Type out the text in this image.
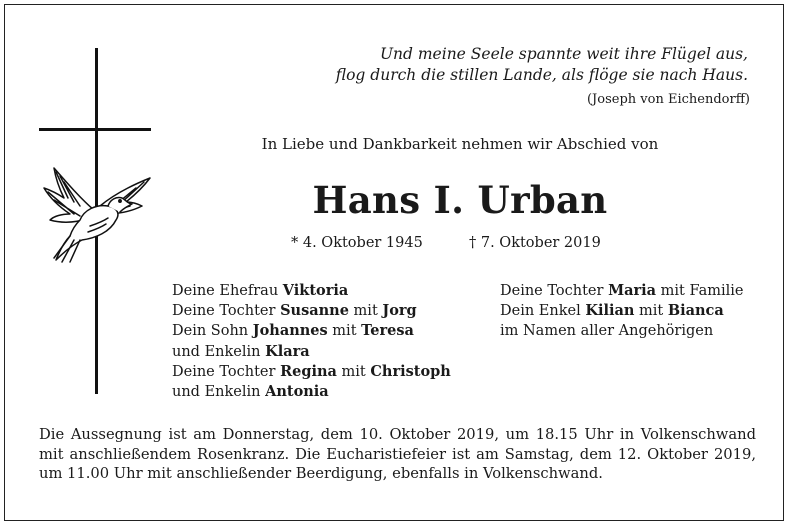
Und meine Seele spannte weit ihre Flügel aus,
flog durch die stillen Lande, als flöge sie nach Haus.
(Joseph von Eichendorff)
In Liebe und Dankbarkeit nehmen wir Abschied von
Hans I. Urban
* 4. Oktober 1945	† 7. Oktober 2019
Deine Ehefrau Viktoria
Deine Tochter Susanne mit Jorg
Dein Sohn Johannes mit Teresa
und Enkelin Klara
Deine Tochter Regina mit Christoph
und Enkelin Antonia
Deine Tochter Maria mit Familie
Dein Enkel Kilian mit Bianca
im Namen aller Angehörigen
Die Aussegnung ist am Donnerstag, dem 10. Oktober 2019, um 18.15 Uhr in Volkenschwand mit anschließendem Rosenkranz. Die Eucharistiefeier ist am Samstag, dem 12. Oktober 2019, um 11.00 Uhr mit anschließender Beerdigung, ebenfalls in Volkenschwand.
